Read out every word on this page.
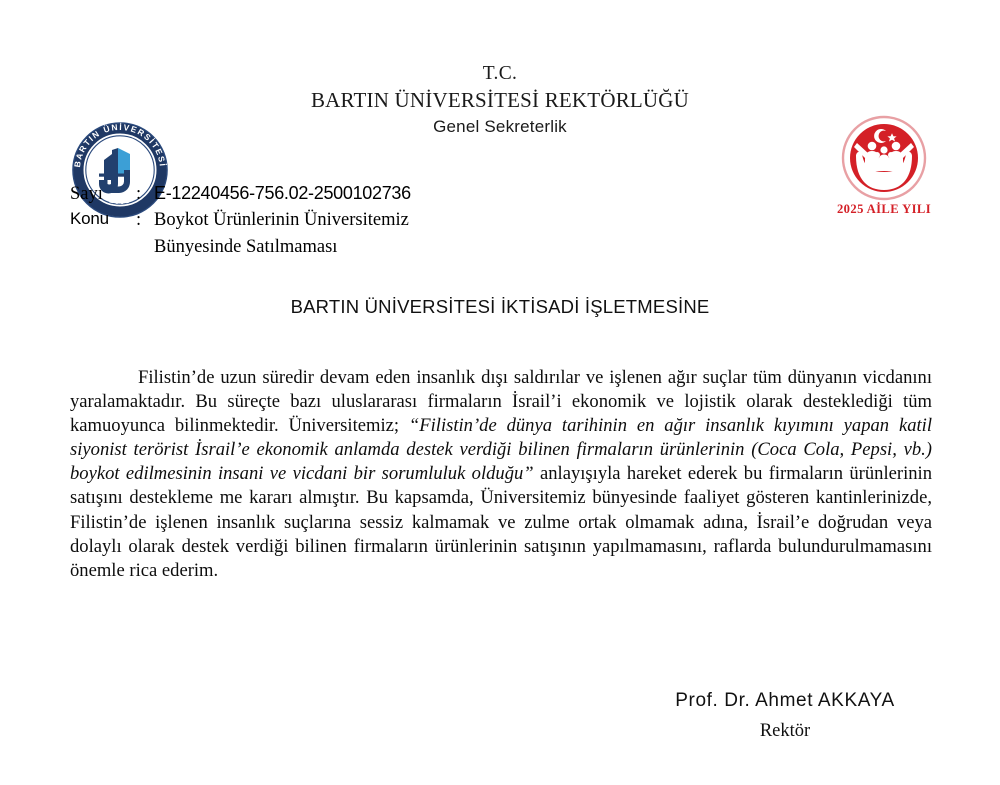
BARTIN ÜNİVERSİTESİ
2008
T.C.
BARTIN ÜNİVERSİTESİ REKTÖRLÜĞÜ
Genel Sekreterlik
2025 AİLE YILI
Sayı	: E-12240456-756.02-2500102736
Konu	: Boykot Ürünlerinin Üniversitemiz
Bünyesinde Satılmaması
BARTIN ÜNİVERSİTESİ İKTİSADİ İŞLETMESİNE

Filistin’de uzun süredir devam eden insanlık dışı saldırılar ve işlenen ağır suçlar tüm dünyanın vicdanını yaralamaktadır. Bu süreçte bazı uluslararası firmaların İsrail’i ekonomik ve lojistik olarak desteklediği tüm kamuoyunca bilinmektedir. Üniversitemiz; “Filistin’de dünya tarihinin en ağır insanlık kıyımını yapan katil siyonist terörist İsrail’e ekonomik anlamda destek verdiği bilinen firmaların ürünlerinin (Coca Cola, Pepsi, vb.) boykot edilmesinin insani ve vicdani bir sorumluluk olduğu” anlayışıyla hareket ederek bu firmaların ürünlerinin satışını destekleme me kararı almıştır. Bu kapsamda, Üniversitemiz bünyesinde faaliyet gösteren kantinlerinizde, Filistin’de işlenen insanlık suçlarına sessiz kalmamak ve zulme ortak olmamak adına, İsrail’e doğrudan veya dolaylı olarak destek verdiği bilinen firmaların ürünlerinin satışının yapılmamasını, raflarda bulundurulmamasını önemle rica ederim.

Prof. Dr. Ahmet AKKAYA
Rektör
